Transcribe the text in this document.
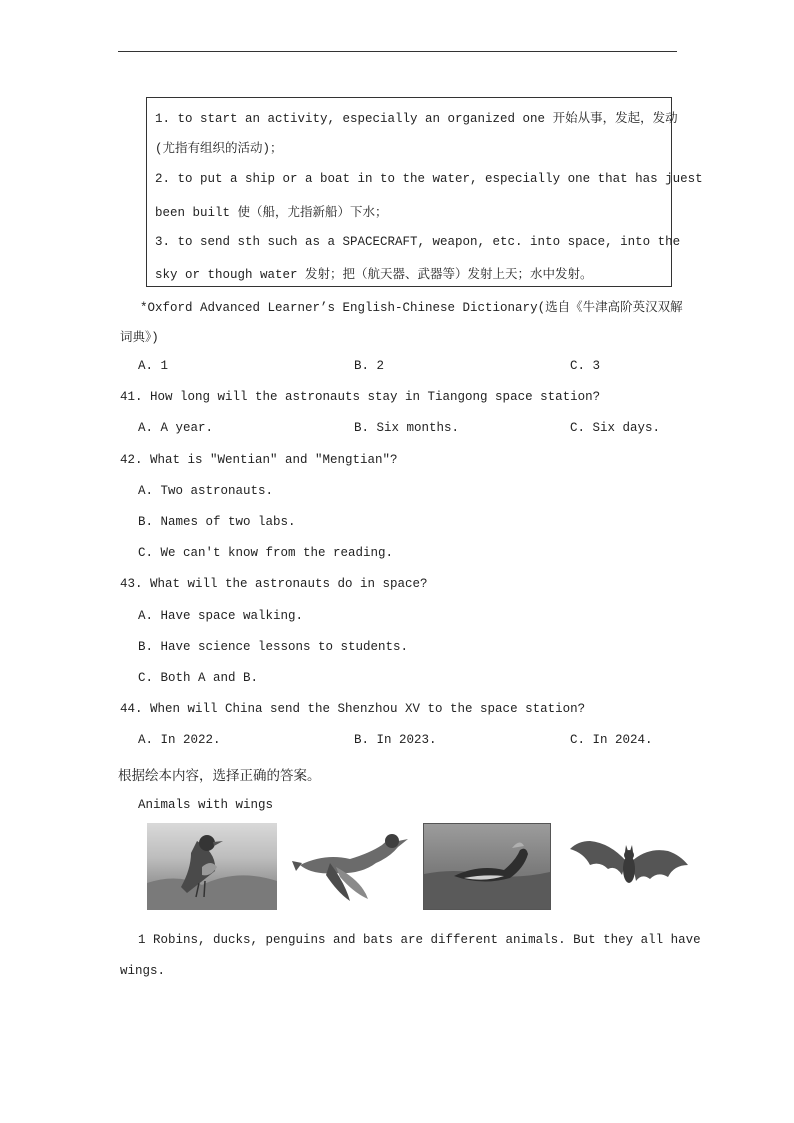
1. to start an activity, especially an organized one 开始从事，发起，发动
(尤指有组织的活动)；
2. to put a ship or a boat in to the water, especially one that has juest
been built 使（船，尤指新船）下水；
3. to send sth such as a SPACECRAFT, weapon, etc. into space, into the
sky or though water 发射；把（航天器、武器等）发射上天；水中发射。
*Oxford Advanced Learner’s English-Chinese Dictionary(选自《牛津高阶英汉双解
词典》)
A. 1	B. 2	C. 3
41. How long will the astronauts stay in Tiangong space station?
A. A year.	B. Six months.	C. Six days.
42. What is "Wentian" and "Mengtian"?
A. Two astronauts.
B. Names of two labs.
C. We can't know from the reading.
43. What will the astronauts do in space?
A. Have space walking.
B. Have science lessons to students.
C. Both A and B.
44. When will China send the Shenzhou XV to the space station?
A. In 2022.	B. In 2023.	C. In 2024.
根据绘本内容，选择正确的答案。
Animals with wings
1 Robins, ducks, penguins and bats are different animals. But they all have
wings.
